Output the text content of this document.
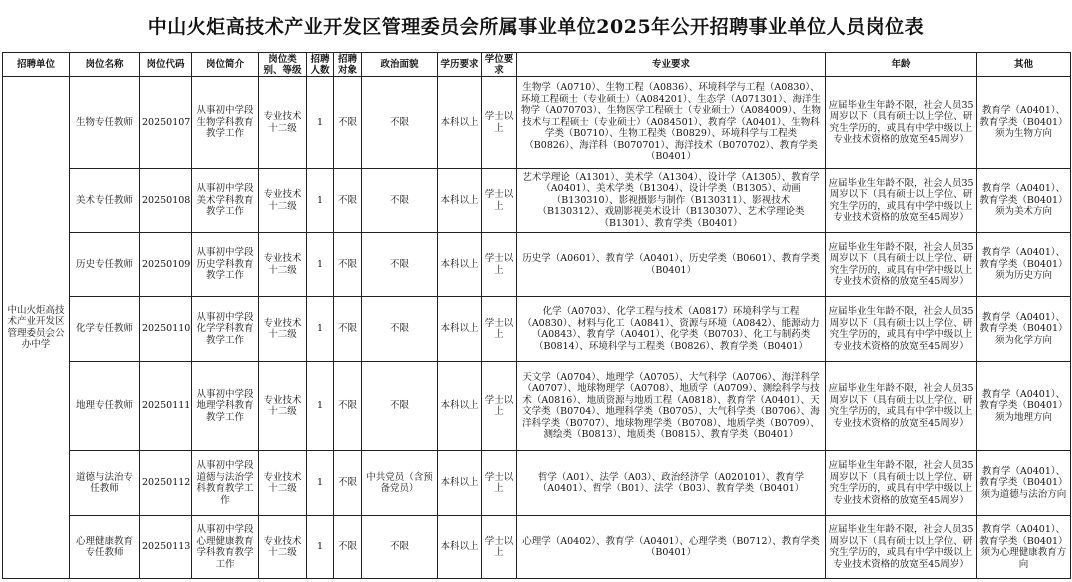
中山火炬高技术产业开发区管理委员会所属事业单位2025年公开招聘事业单位人员岗位表
招聘单位	岗位名称	岗位代码	岗位简介	岗位类别、等级	招聘人数	招聘对象	政治面貌	学历要求	学位要求	专业要求	年龄	其他
中山火炬高技术产业开发区管理委员会公办中学	生物专任教师	20250107	从事初中学段生物学科教育教学工作	专业技术十二级	1	不限	不限	本科以上	学士以上	生物学（A0710）、生物工程（A0836）、环境科学与工程（A0830）、环境工程硕士（专业硕士）（A084201）、生态学（A071301）、海洋生物学（A070703）、生物医学工程硕士（专业硕士）（A084009）、生物技术与工程硕士（专业硕士）（A084501）、教育学（A0401）、生物科学类（B0710）、生物工程类（B0829）、环境科学与工程类（B0826）、海洋科（B070701）、海洋技术（B070702）、教育学类（B0401）	应届毕业生年龄不限，社会人员35周岁以下（具有硕士以上学位、研究生学历的，或具有中学中级以上专业技术资格的放宽至45周岁）	教育学（A0401）、教育学类（B0401）须为生物方向
	美术专任教师	20250108	从事初中学段美术学科教育教学工作	专业技术十二级	1	不限	不限	本科以上	学士以上	艺术学理论（A1301）、美术学（A1304）、设计学（A1305）、教育学（A0401）、美术学类（B1304）、设计学类（B1305）、动画（B130310）、影视摄影与制作（B130311）、影视技术（B130312）、戏剧影视美术设计（B130307）、艺术学理论类（B1301）、教育学类（B0401）	应届毕业生年龄不限，社会人员35周岁以下（具有硕士以上学位、研究生学历的，或具有中学中级以上专业技术资格的放宽至45周岁）	教育学（A0401）、教育学类（B0401）须为美术方向
	历史专任教师	20250109	从事初中学段历史学科教育教学工作	专业技术十二级	1	不限	不限	本科以上	学士以上	历史学（A0601）、教育学（A0401）、历史学类（B0601）、教育学类（B0401）	应届毕业生年龄不限，社会人员35周岁以下（具有硕士以上学位、研究生学历的，或具有中学中级以上专业技术资格的放宽至45周岁）	教育学（A0401）、教育学类（B0401）须为历史方向
	化学专任教师	20250110	从事初中学段化学学科教育教学工作	专业技术十二级	1	不限	不限	本科以上	学士以上	化学（A0703）、化学工程与技术（A0817）环境科学与工程（A0830）、材料与化工（A0841）、资源与环境（A0842）、能源动力（A0843）、教育学（A0401）、化学类（B0703）、化工与制药类（B0814）、环境科学与工程类（B0826）、教育学类（B0401）	应届毕业生年龄不限，社会人员35周岁以下（具有硕士以上学位、研究生学历的，或具有中学中级以上专业技术资格的放宽至45周岁）	教育学（A0401）、教育学类（B0401）须为化学方向
	地理专任教师	20250111	从事初中学段地理学科教育教学工作	专业技术十二级	1	不限	不限	本科以上	学士以上	天文学（A0704）、地理学（A0705）、大气科学（A0706）、海洋科学（A0707）、地球物理学（A0708）、地质学（A0709）、测绘科学与技术（A0816）、地质资源与地质工程（A0818）、教育学（A0401）、天文学类（B0704）、地理科学类（B0705）、大气科学类（B0706）、海洋科学类（B0707）、地球物理学类（B0708）、地质学类（B0709）、测绘类（B0813）、地质类（B0815）、教育学类（B0401）	应届毕业生年龄不限，社会人员35周岁以下（具有硕士以上学位、研究生学历的，或具有中学中级以上专业技术资格的放宽至45周岁）	教育学（A0401）、教育学类（B0401）须为地理方向
	道德与法治专任教师	20250112	从事初中学段道德与法治学科教育教学工作	专业技术十二级	1	不限	中共党员（含预备党员）	本科以上	学士以上	哲学（A01）、法学（A03）、政治经济学（A020101）、教育学（A0401）、哲学（B01）、法学（B03）、教育学类（B0401）	应届毕业生年龄不限，社会人员35周岁以下（具有硕士以上学位、研究生学历的，或具有中学中级以上专业技术资格的放宽至45周岁）	教育学（A0401）、教育学类（B0401）须为道德与法治方向
	心理健康教育专任教师	20250113	从事初中学段心理健康教育学科教育教学工作	专业技术十二级	1	不限	不限	本科以上	学士以上	心理学（A0402）、教育学（A0401）、心理学类（B0712）、教育学类（B0401）	应届毕业生年龄不限，社会人员35周岁以下（具有硕士以上学位、研究生学历的，或具有中学中级以上专业技术资格的放宽至45周岁）	教育学（A0401）、教育学类（B0401）须为心理健康教育方向
